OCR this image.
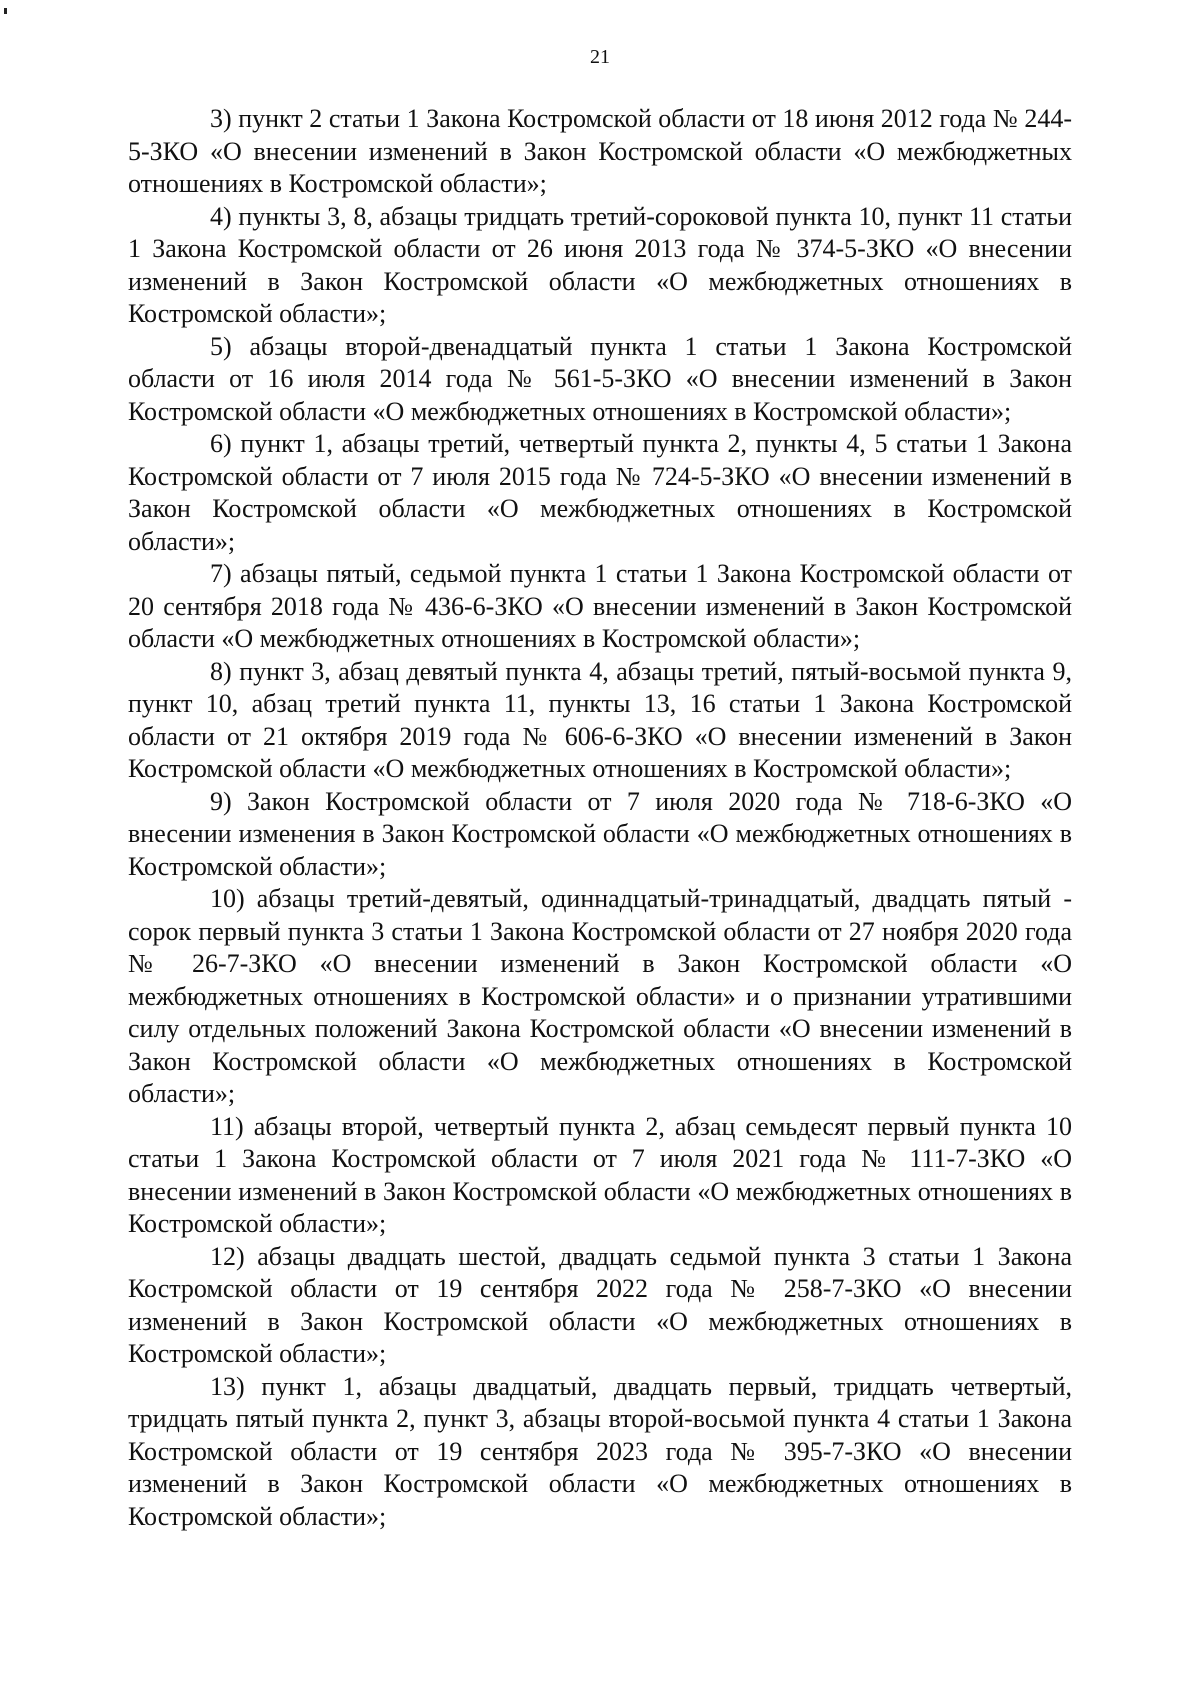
21

3) пункт 2 статьи 1 Закона Костромской области от 18 июня 2012 года № 244-5-ЗКО «О внесении изменений в Закон Костромской области «О межбюджетных отношениях в Костромской области»;

4) пункты 3, 8, абзацы тридцать третий-сороковой пункта 10, пункт 11 статьи 1 Закона Костромской области от 26 июня 2013 года № 374-5-ЗКО «О внесении изменений в Закон Костромской области «О межбюджетных отношениях в Костромской области»;

5) абзацы второй-двенадцатый пункта 1 статьи 1 Закона Костромской области от 16 июля 2014 года № 561-5-ЗКО «О внесении изменений в Закон Костромской области «О межбюджетных отношениях в Костромской области»;

6) пункт 1, абзацы третий, четвертый пункта 2, пункты 4, 5 статьи 1 Закона Костромской области от 7 июля 2015 года № 724-5-ЗКО «О внесении изменений в Закон Костромской области «О межбюджетных отношениях в Костромской области»;

7) абзацы пятый, седьмой пункта 1 статьи 1 Закона Костромской области от 20 сентября 2018 года № 436-6-ЗКО «О внесении изменений в Закон Костромской области «О межбюджетных отношениях в Костромской области»;

8) пункт 3, абзац девятый пункта 4, абзацы третий, пятый-восьмой пункта 9, пункт 10, абзац третий пункта 11, пункты 13, 16 статьи 1 Закона Костромской области от 21 октября 2019 года № 606-6-ЗКО «О внесении изменений в Закон Костромской области «О межбюджетных отношениях в Костромской области»;

9) Закон Костромской области от 7 июля 2020 года № 718-6-ЗКО «О внесении изменения в Закон Костромской области «О межбюджетных отношениях в Костромской области»;

10) абзацы третий-девятый, одиннадцатый-тринадцатый, двадцать пятый - сорок первый пункта 3 статьи 1 Закона Костромской области от 27 ноября 2020 года № 26-7-ЗКО «О внесении изменений в Закон Костромской области «О межбюджетных отношениях в Костромской области» и о признании утратившими силу отдельных положений Закона Костромской области «О внесении изменений в Закон Костромской области «О межбюджетных отношениях в Костромской области»;

11) абзацы второй, четвертый пункта 2, абзац семьдесят первый пункта 10 статьи 1 Закона Костромской области от 7 июля 2021 года № 111-7-ЗКО «О внесении изменений в Закон Костромской области «О межбюджетных отношениях в Костромской области»;

12) абзацы двадцать шестой, двадцать седьмой пункта 3 статьи 1 Закона Костромской области от 19 сентября 2022 года № 258-7-ЗКО «О внесении изменений в Закон Костромской области «О межбюджетных отношениях в Костромской области»;

13) пункт 1, абзацы двадцатый, двадцать первый, тридцать четвертый, тридцать пятый пункта 2, пункт 3, абзацы второй-восьмой пункта 4 статьи 1 Закона Костромской области от 19 сентября 2023 года № 395-7-ЗКО «О внесении изменений в Закон Костромской области «О межбюджетных отношениях в Костромской области»;
